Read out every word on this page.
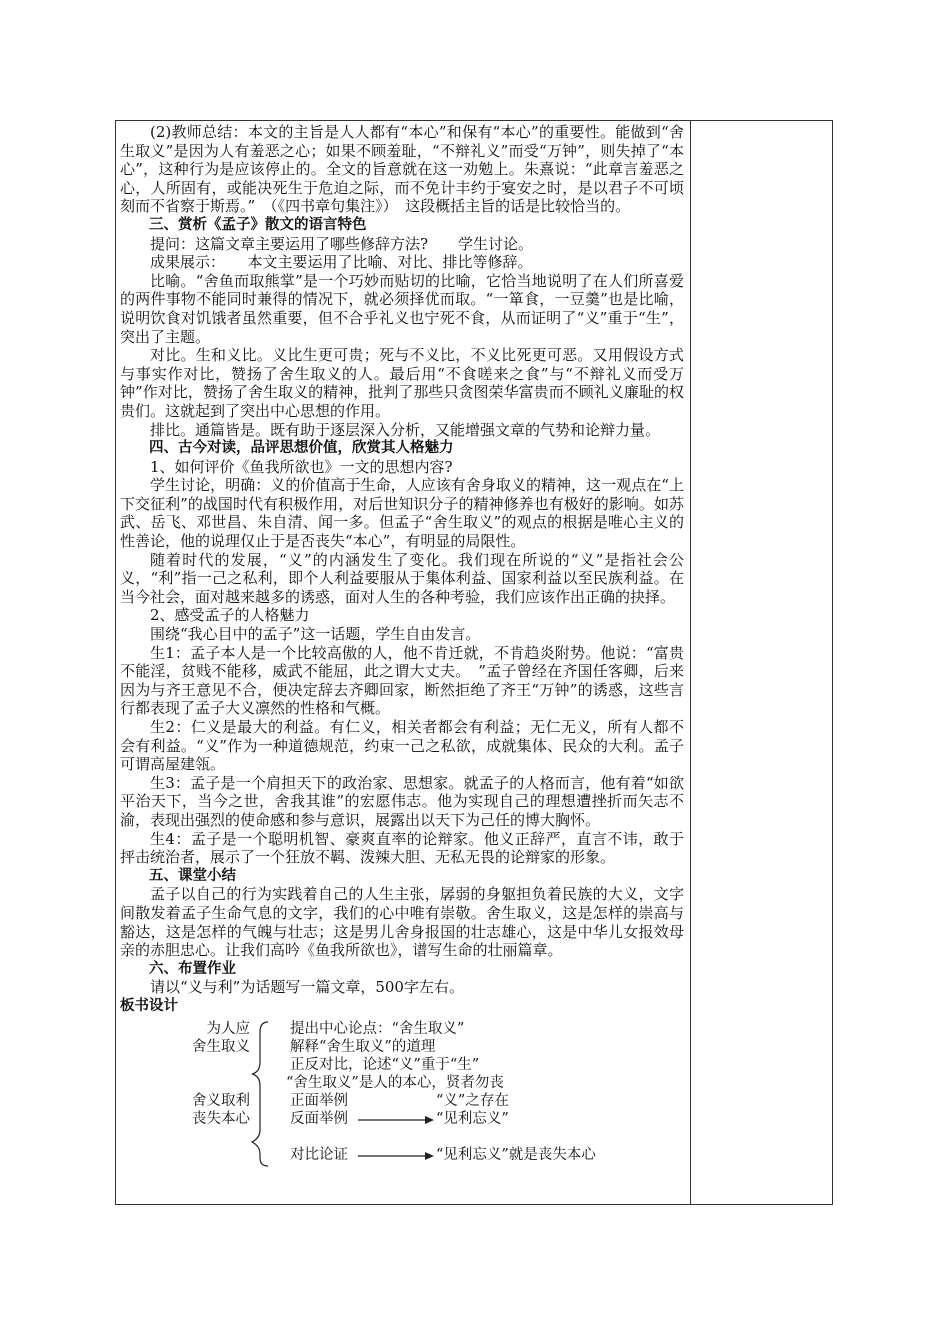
(2)教师总结：本文的主旨是人人都有“本心”和保有“本心”的重要性。能做到“舍生取义”是因为人有羞恶之心；如果不顾羞耻，“不辩礼义”而受“万钟”，则失掉了“本心”，这种行为是应该停止的。全文的旨意就在这一劝勉上。朱熹说：“此章言羞恶之心，人所固有，或能决死生于危迫之际，而不免计丰约于宴安之时，是以君子不可顷刻而不省察于斯焉。”　（《四书章句集注》）　这段概括主旨的话是比较恰当的。

三、赏析《孟子》散文的语言特色

提问：这篇文章主要运用了哪些修辞方法?　　学生讨论。

成果展示：　　本文主要运用了比喻、对比、排比等修辞。

比喻。“舍鱼而取熊掌”是一个巧妙而贴切的比喻，它恰当地说明了在人们所喜爱的两件事物不能同时兼得的情况下，就必须择优而取。“一箪食，一豆羹”也是比喻，说明饮食对饥饿者虽然重要，但不合乎礼义也宁死不食，从而证明了“义”重于“生”，突出了主题。

对比。生和义比。义比生更可贵；死与不义比，不义比死更可恶。又用假设方式与事实作对比，赞扬了舍生取义的人。最后用“不食嗟来之食”与“不辩礼义而受万钟”作对比，赞扬了舍生取义的精神，批判了那些只贪图荣华富贵而不顾礼义廉耻的权贵们。这就起到了突出中心思想的作用。

排比。通篇皆是。既有助于逐层深入分析，又能增强文章的气势和论辩力量。

四、古今对读，品评思想价值，欣赏其人格魅力

1、如何评价《鱼我所欲也》一文的思想内容?

学生讨论，明确：义的价值高于生命，人应该有舍身取义的精神，这一观点在“上下交征利”的战国时代有积极作用，对后世知识分子的精神修养也有极好的影响。如苏武、岳飞、邓世昌、朱自清、闻一多。但孟子“舍生取义”的观点的根据是唯心主义的性善论，他的说理仅止于是否丧失“本心”，有明显的局限性。

随着时代的发展，“义”的内涵发生了变化。我们现在所说的“义”是指社会公义，“利”指一己之私利，即个人利益要服从于集体利益、国家利益以至民族利益。在当今社会，面对越来越多的诱惑，面对人生的各种考验，我们应该作出正确的抉择。

2、感受孟子的人格魅力

围绕“我心目中的孟子”这一话题，学生自由发言。

生1：孟子本人是一个比较高傲的人，他不肯迁就，不肯趋炎附势。他说：“富贵不能淫，贫贱不能移，威武不能屈，此之谓大丈夫。　”孟子曾经在齐国任客卿，后来因为与齐王意见不合，便决定辞去齐卿回家，断然拒绝了齐王“万钟”的诱惑，这些言行都表现了孟子大义凛然的性格和气概。

生2：仁义是最大的利益。有仁义，相关者都会有利益；无仁无义，所有人都不会有利益。“义”作为一种道德规范，约束一己之私欲，成就集体、民众的大利。孟子可谓高屋建瓴。

生3：孟子是一个肩担天下的政治家、思想家。就孟子的人格而言，他有着“如欲平治天下，当今之世，舍我其谁”的宏愿伟志。他为实现自己的理想遭挫折而矢志不渝，表现出强烈的使命感和参与意识，展露出以天下为己任的博大胸怀。

生4：孟子是一个聪明机智、豪爽直率的论辩家。他义正辞严，直言不讳，敢于抨击统治者，展示了一个狂放不羁、泼辣大胆、无私无畏的论辩家的形象。

五、课堂小结

孟子以自己的行为实践着自己的人生主张，孱弱的身躯担负着民族的大义，文字间散发着孟子生命气息的文字，我们的心中唯有崇敬。舍生取义，这是怎样的崇高与豁达，这是怎样的气魄与壮志；这是男儿舍身报国的壮志雄心，这是中华儿女报效母亲的赤胆忠心。让我们高吟《鱼我所欲也》，谱写生命的壮丽篇章。

六、布置作业

请以“义与利”为话题写一篇文章，500字左右。

板书设计

为人应
舍生取义
舍义取利
丧失本心
提出中心论点：“舍生取义”
解释“舍生取义”的道理
正反对比，论述“义”重于“生”
“舍生取义”是人的本心，贤者勿丧
正面举例	“义”之存在
反面举例	“见利忘义”
对比论证	“见利忘义”就是丧失本心
